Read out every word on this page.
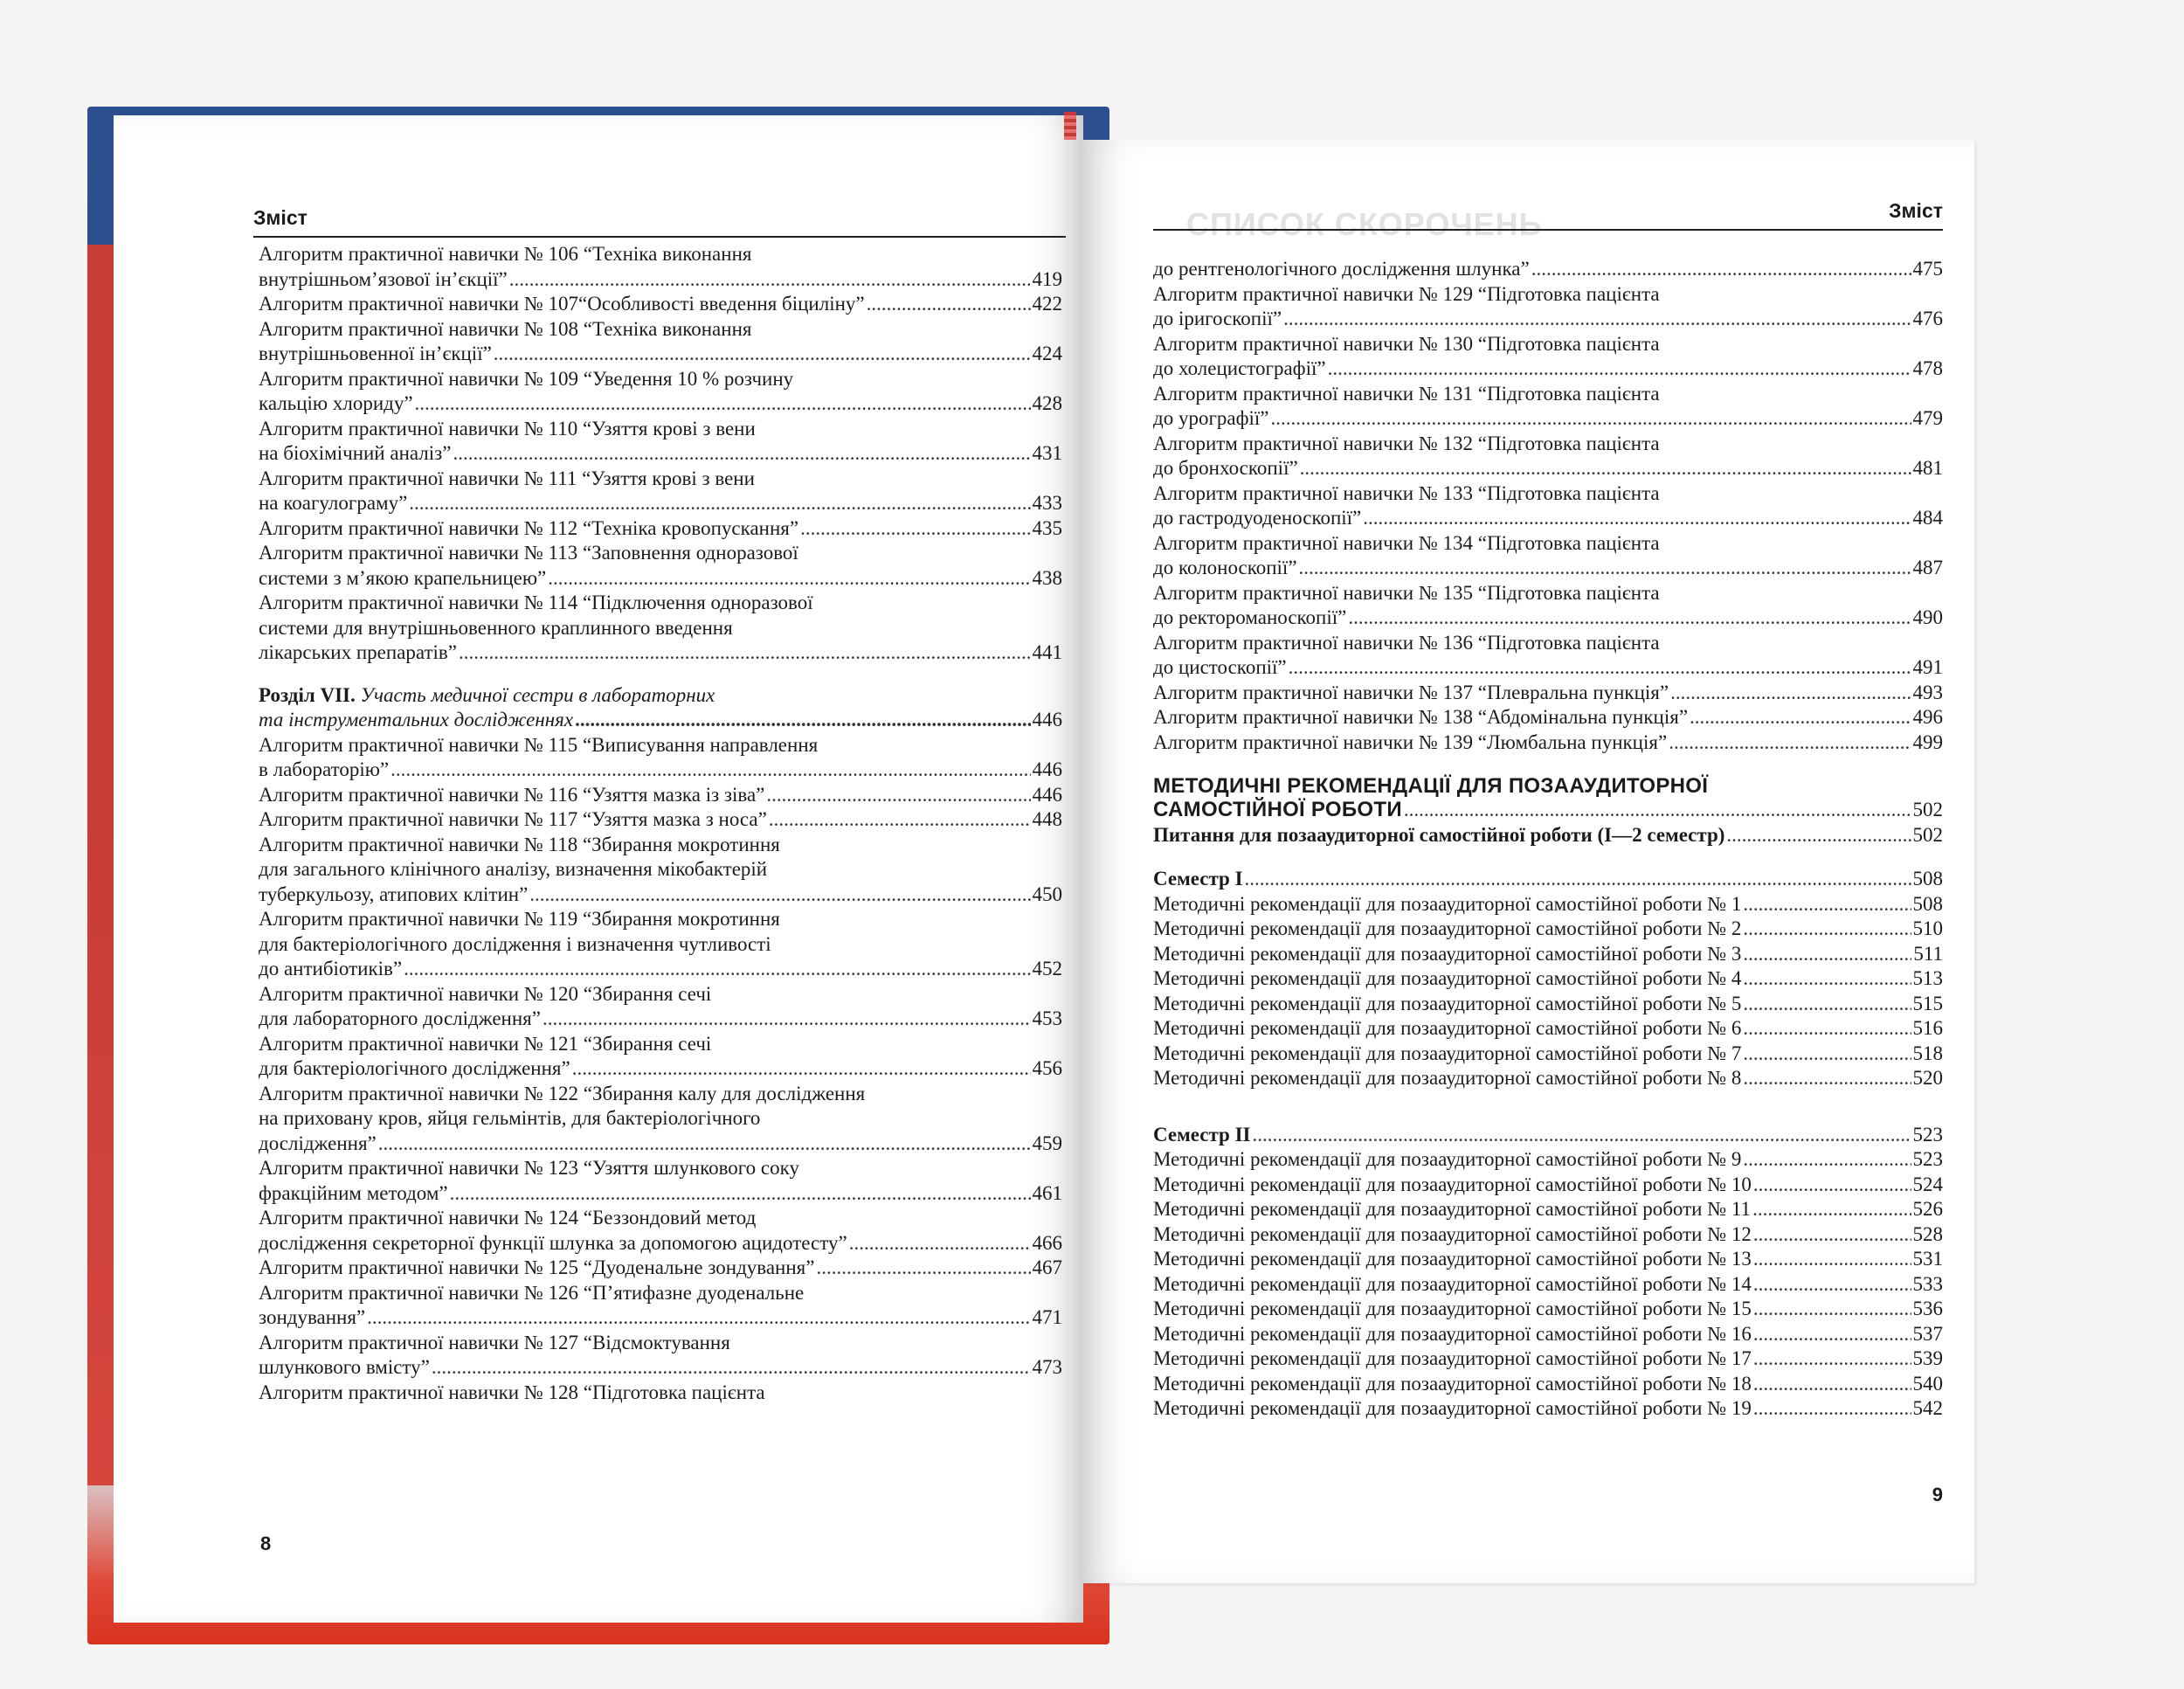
Зміст
Алгоритм практичної навички № 106 “Техніка виконання
внутрішньом’язової ін’єкції” .....	419
Алгоритм практичної навички № 107“Особливості введення біциліну” .....	422
Алгоритм практичної навички № 108 “Техніка виконання
внутрішньовенної ін’єкції” .....	424
Алгоритм практичної навички № 109 “Уведення 10 % розчину
кальцію хлориду” .....	428
Алгоритм практичної навички № 110 “Узяття крові з вени
на біохімічний аналіз” .....	431
Алгоритм практичної навички № 111 “Узяття крові з вени
на коагулограму” .....	433
Алгоритм практичної навички № 112 “Техніка кровопускання” .....	435
Алгоритм практичної навички № 113 “Заповнення одноразової
системи з м’якою крапельницею” .....	438
Алгоритм практичної навички № 114 “Підключення одноразової
системи для внутрішньовенного краплинного введення
лікарських препаратів” .....	441
Розділ VII. Участь медичної сестри в лабораторних
та інструментальних дослідженнях .....	446
Алгоритм практичної навички № 115 “Виписування направлення
в лабораторію” .....	446
Алгоритм практичної навички № 116 “Узяття мазка із зіва” .....	446
Алгоритм практичної навички № 117 “Узяття мазка з носа” .....	448
Алгоритм практичної навички № 118 “Збирання мокротиння
для загального клінічного аналізу, визначення мікобактерій
туберкульозу, атипових клітин” .....	450
Алгоритм практичної навички № 119 “Збирання мокротиння
для бактеріологічного дослідження і визначення чутливості
до антибіотиків” .....	452
Алгоритм практичної навички № 120 “Збирання сечі
для лабораторного дослідження” .....	453
Алгоритм практичної навички № 121 “Збирання сечі
для бактеріологічного дослідження” .....	456
Алгоритм практичної навички № 122 “Збирання калу для дослідження
на приховану кров, яйця гельмінтів, для бактеріологічного
дослідження” .....	459
Алгоритм практичної навички № 123 “Узяття шлункового соку
фракційним методом” .....	461
Алгоритм практичної навички № 124 “Беззондовий метод
дослідження секреторної функції шлунка за допомогою ацидотесту” .....	466
Алгоритм практичної навички № 125 “Дуоденальне зондування” .....	467
Алгоритм практичної навички № 126 “П’ятифазне дуоденальне
зондування” .....	471
Алгоритм практичної навички № 127 “Відсмоктування
шлункового вмісту” .....	473
Алгоритм практичної навички № 128 “Підготовка пацієнта
8
СПИСОК СКОРОЧЕНЬ	Зміст
до рентгенологічного дослідження шлунка” .....	475
Алгоритм практичної навички № 129 “Підготовка пацієнта
до іригоскопії” .....	476
Алгоритм практичної навички № 130 “Підготовка пацієнта
до холецистографії” .....	478
Алгоритм практичної навички № 131 “Підготовка пацієнта
до урографії” .....	479
Алгоритм практичної навички № 132 “Підготовка пацієнта
до бронхоскопії” .....	481
Алгоритм практичної навички № 133 “Підготовка пацієнта
до гастродуоденоскопії” .....	484
Алгоритм практичної навички № 134 “Підготовка пацієнта
до колоноскопії” .....	487
Алгоритм практичної навички № 135 “Підготовка пацієнта
до ректороманоскопії” .....	490
Алгоритм практичної навички № 136 “Підготовка пацієнта
до цистоскопії” .....	491
Алгоритм практичної навички № 137 “Плевральна пункція” .....	493
Алгоритм практичної навички № 138 “Абдомінальна пункція” .....	496
Алгоритм практичної навички № 139 “Люмбальна пункція” .....	499
МЕТОДИЧНІ РЕКОМЕНДАЦІЇ ДЛЯ ПОЗААУДИТОРНОЇ
САМОСТІЙНОЇ РОБОТИ .....	502
Питання для позааудиторної самостійної роботи (І—2 семестр) .....	502
Семестр І .....	508
Методичні рекомендації для позааудиторної самостійної роботи № 1 .....	508
Методичні рекомендації для позааудиторної самостійної роботи № 2 .....	510
Методичні рекомендації для позааудиторної самостійної роботи № 3 .....	511
Методичні рекомендації для позааудиторної самостійної роботи № 4 .....	513
Методичні рекомендації для позааудиторної самостійної роботи № 5 .....	515
Методичні рекомендації для позааудиторної самостійної роботи № 6 .....	516
Методичні рекомендації для позааудиторної самостійної роботи № 7 .....	518
Методичні рекомендації для позааудиторної самостійної роботи № 8 .....	520
Семестр ІІ .....	523
Методичні рекомендації для позааудиторної самостійної роботи № 9 .....	523
Методичні рекомендації для позааудиторної самостійної роботи № 10 .....	524
Методичні рекомендації для позааудиторної самостійної роботи № 11 .....	526
Методичні рекомендації для позааудиторної самостійної роботи № 12 .....	528
Методичні рекомендації для позааудиторної самостійної роботи № 13 .....	531
Методичні рекомендації для позааудиторної самостійної роботи № 14 .....	533
Методичні рекомендації для позааудиторної самостійної роботи № 15 .....	536
Методичні рекомендації для позааудиторної самостійної роботи № 16 .....	537
Методичні рекомендації для позааудиторної самостійної роботи № 17 .....	539
Методичні рекомендації для позааудиторної самостійної роботи № 18 .....	540
Методичні рекомендації для позааудиторної самостійної роботи № 19 .....	542
9
